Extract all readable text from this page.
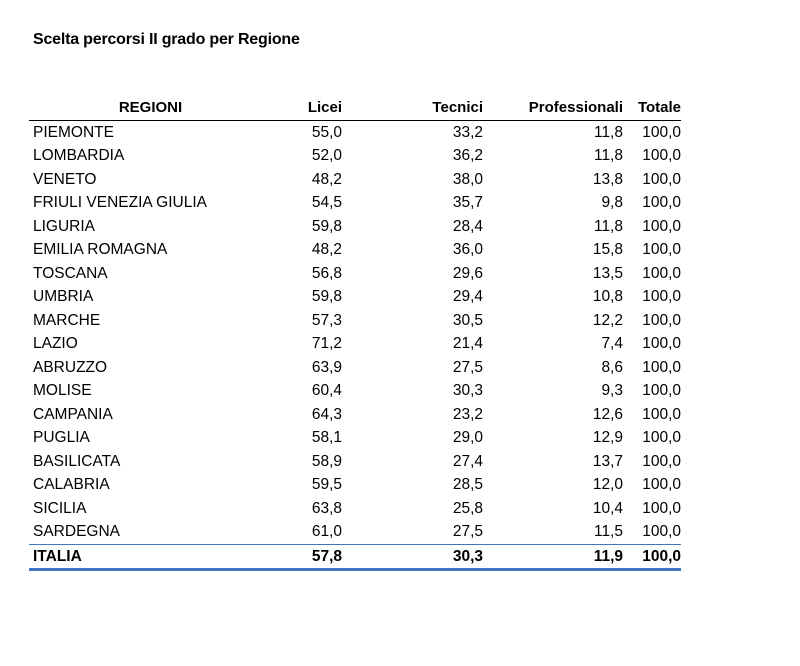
Scelta percorsi II grado per Regione
REGIONI	Licei	Tecnici	Professionali	Totale
PIEMONTE	55,0	33,2	11,8	100,0
LOMBARDIA	52,0	36,2	11,8	100,0
VENETO	48,2	38,0	13,8	100,0
FRIULI VENEZIA GIULIA	54,5	35,7	9,8	100,0
LIGURIA	59,8	28,4	11,8	100,0
EMILIA ROMAGNA	48,2	36,0	15,8	100,0
TOSCANA	56,8	29,6	13,5	100,0
UMBRIA	59,8	29,4	10,8	100,0
MARCHE	57,3	30,5	12,2	100,0
LAZIO	71,2	21,4	7,4	100,0
ABRUZZO	63,9	27,5	8,6	100,0
MOLISE	60,4	30,3	9,3	100,0
CAMPANIA	64,3	23,2	12,6	100,0
PUGLIA	58,1	29,0	12,9	100,0
BASILICATA	58,9	27,4	13,7	100,0
CALABRIA	59,5	28,5	12,0	100,0
SICILIA	63,8	25,8	10,4	100,0
SARDEGNA	61,0	27,5	11,5	100,0
ITALIA	57,8	30,3	11,9	100,0
